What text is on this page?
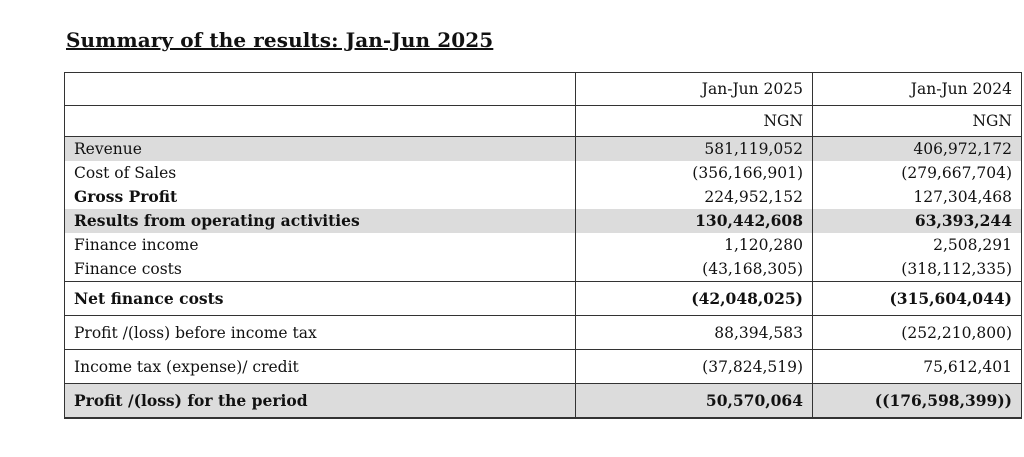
Summary of the results: Jan-Jun 2025
	Jan-Jun 2025	Jan-Jun 2024
	NGN	NGN
Revenue	581,119,052	406,972,172
Cost of Sales	(356,166,901)	(279,667,704)
Gross Profit	224,952,152	127,304,468
Results from operating activities	130,442,608	63,393,244
Finance income	1,120,280	2,508,291
Finance costs	(43,168,305)	(318,112,335)
Net finance costs	(42,048,025)	(315,604,044)
Profit /(loss) before income tax	88,394,583	(252,210,800)
Income tax (expense)/ credit	(37,824,519)	75,612,401
Profit /(loss) for the period	50,570,064	((176,598,399))
